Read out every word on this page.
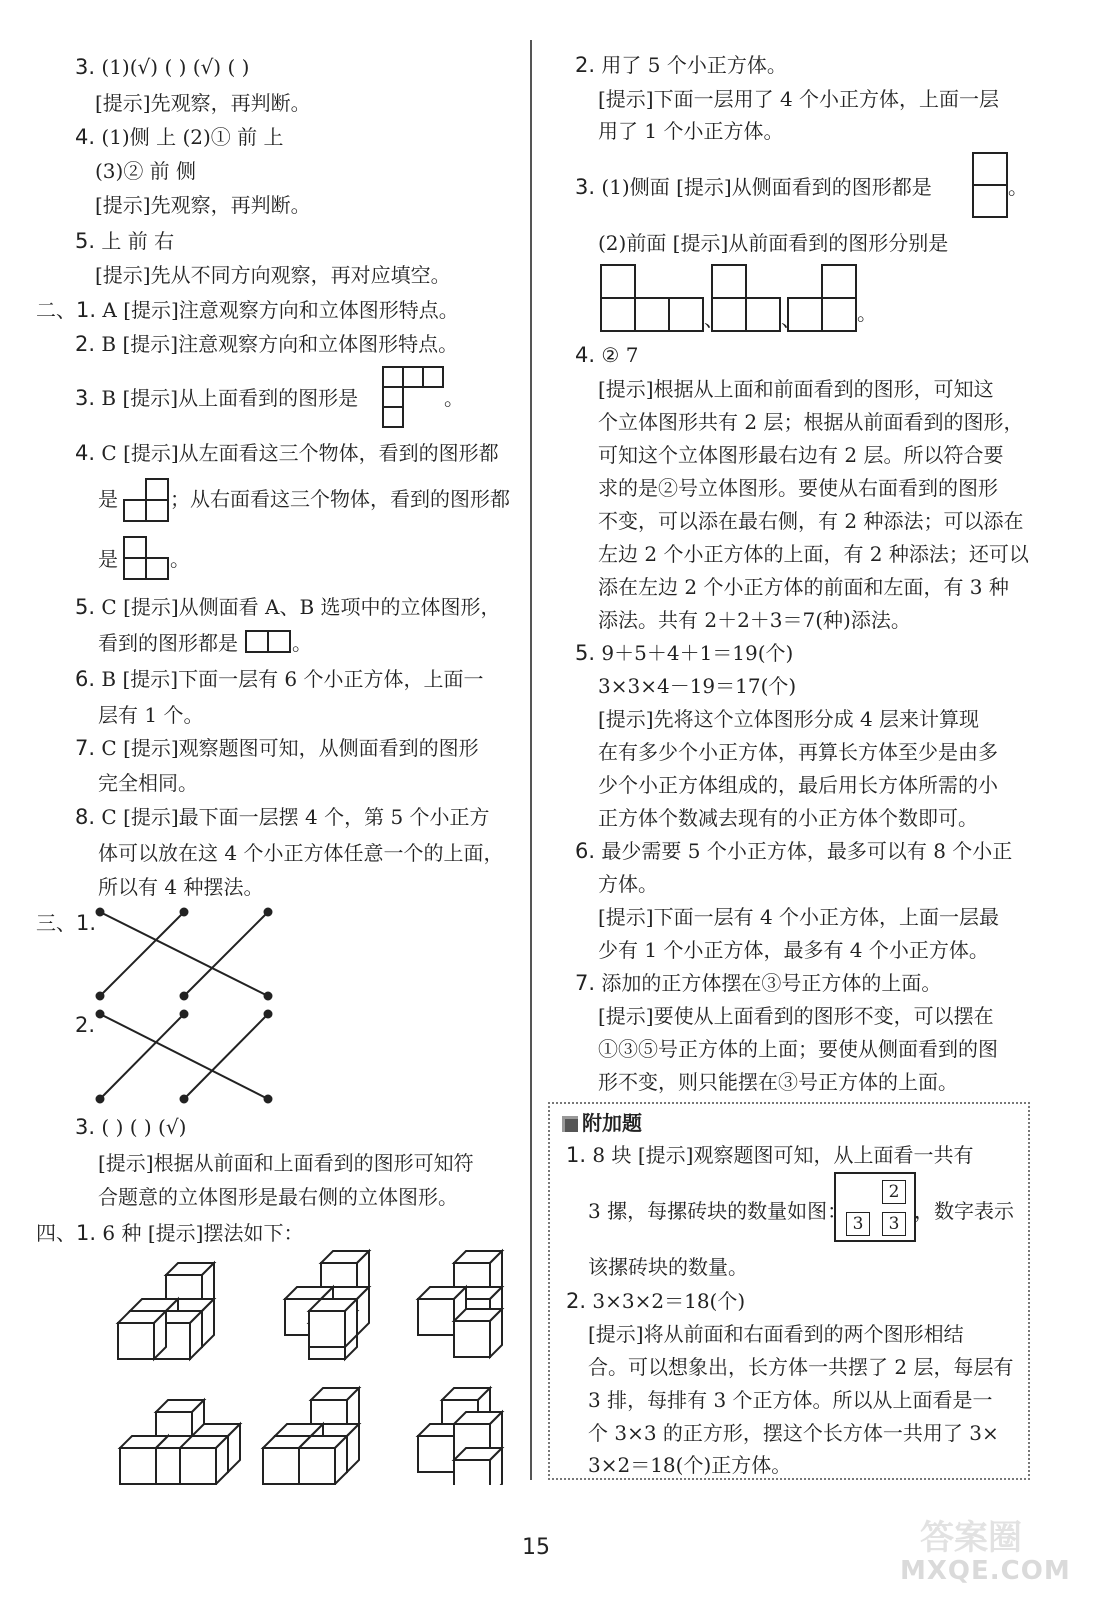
3. (1)(√) ( ) (√) ( )
[提示]先观察，再判断。
4. (1)侧 上 (2)① 前 上
(3)② 前 侧
[提示]先观察，再判断。
5. 上 前 右
[提示]先从不同方向观察，再对应填空。
二、1. A [提示]注意观察方向和立体图形特点。
2. B [提示]注意观察方向和立体图形特点。
3. B [提示]从上面看到的图形是	。
4. C [提示]从左面看这三个物体，看到的图形都
是	；从右面看这三个物体，看到的图形都
是	。
5. C [提示]从侧面看 A、B 选项中的立体图形，
看到的图形都是	。
6. B [提示]下面一层有 6 个小正方体，上面一
层有 1 个。
7. C [提示]观察题图可知，从侧面看到的图形
完全相同。
8. C [提示]最下面一层摆 4 个，第 5 个小正方
体可以放在这 4 个小正方体任意一个的上面，
所以有 4 种摆法。
三、1.
2.
3. ( ) ( ) (√)
[提示]根据从前面和上面看到的图形可知符
合题意的立体图形是最右侧的立体图形。
四、1. 6 种 [提示]摆法如下：
2. 用了 5 个小正方体。
[提示]下面一层用了 4 个小正方体，上面一层
用了 1 个小正方体。
3. (1)侧面 [提示]从侧面看到的图形都是	。
(2)前面 [提示]从前面看到的图形分别是
、	、	。
4. ② 7
[提示]根据从上面和前面看到的图形，可知这
个立体图形共有 2 层；根据从前面看到的图形，
可知这个立体图形最右边有 2 层。所以符合要
求的是②号立体图形。要使从右面看到的图形
不变，可以添在最右侧，有 2 种添法；可以添在
左边 2 个小正方体的上面，有 2 种添法；还可以
添在左边 2 个小正方体的前面和左面，有 3 种
添法。共有 2＋2＋3＝7(种)添法。
5. 9＋5＋4＋1＝19(个)
3×3×4－19＝17(个)
[提示]先将这个立体图形分成 4 层来计算现
在有多少个小正方体，再算长方体至少是由多
少个小正方体组成的，最后用长方体所需的小
正方体个数减去现有的小正方体个数即可。
6. 最少需要 5 个小正方体，最多可以有 8 个小正
方体。
[提示]下面一层有 4 个小正方体，上面一层最
少有 1 个小正方体，最多有 4 个小正方体。
7. 添加的正方体摆在③号正方体的上面。
[提示]要使从上面看到的图形不变，可以摆在
①③⑤号正方体的上面；要使从侧面看到的图
形不变，则只能摆在③号正方体的上面。
附加题
1. 8 块 [提示]观察题图可知，从上面看一共有
3 摞，每摞砖块的数量如图：
2
3	3
，数字表示
该摞砖块的数量。
2. 3×3×2＝18(个)
[提示]将从前面和右面看到的两个图形相结
合。可以想象出，长方体一共摆了 2 层，每层有
3 排，每排有 3 个正方体。所以从上面看是一
个 3×3 的正方形，摆这个长方体一共用了 3×
3×2＝18(个)正方体。
15	答案圈
MXQE.COM
